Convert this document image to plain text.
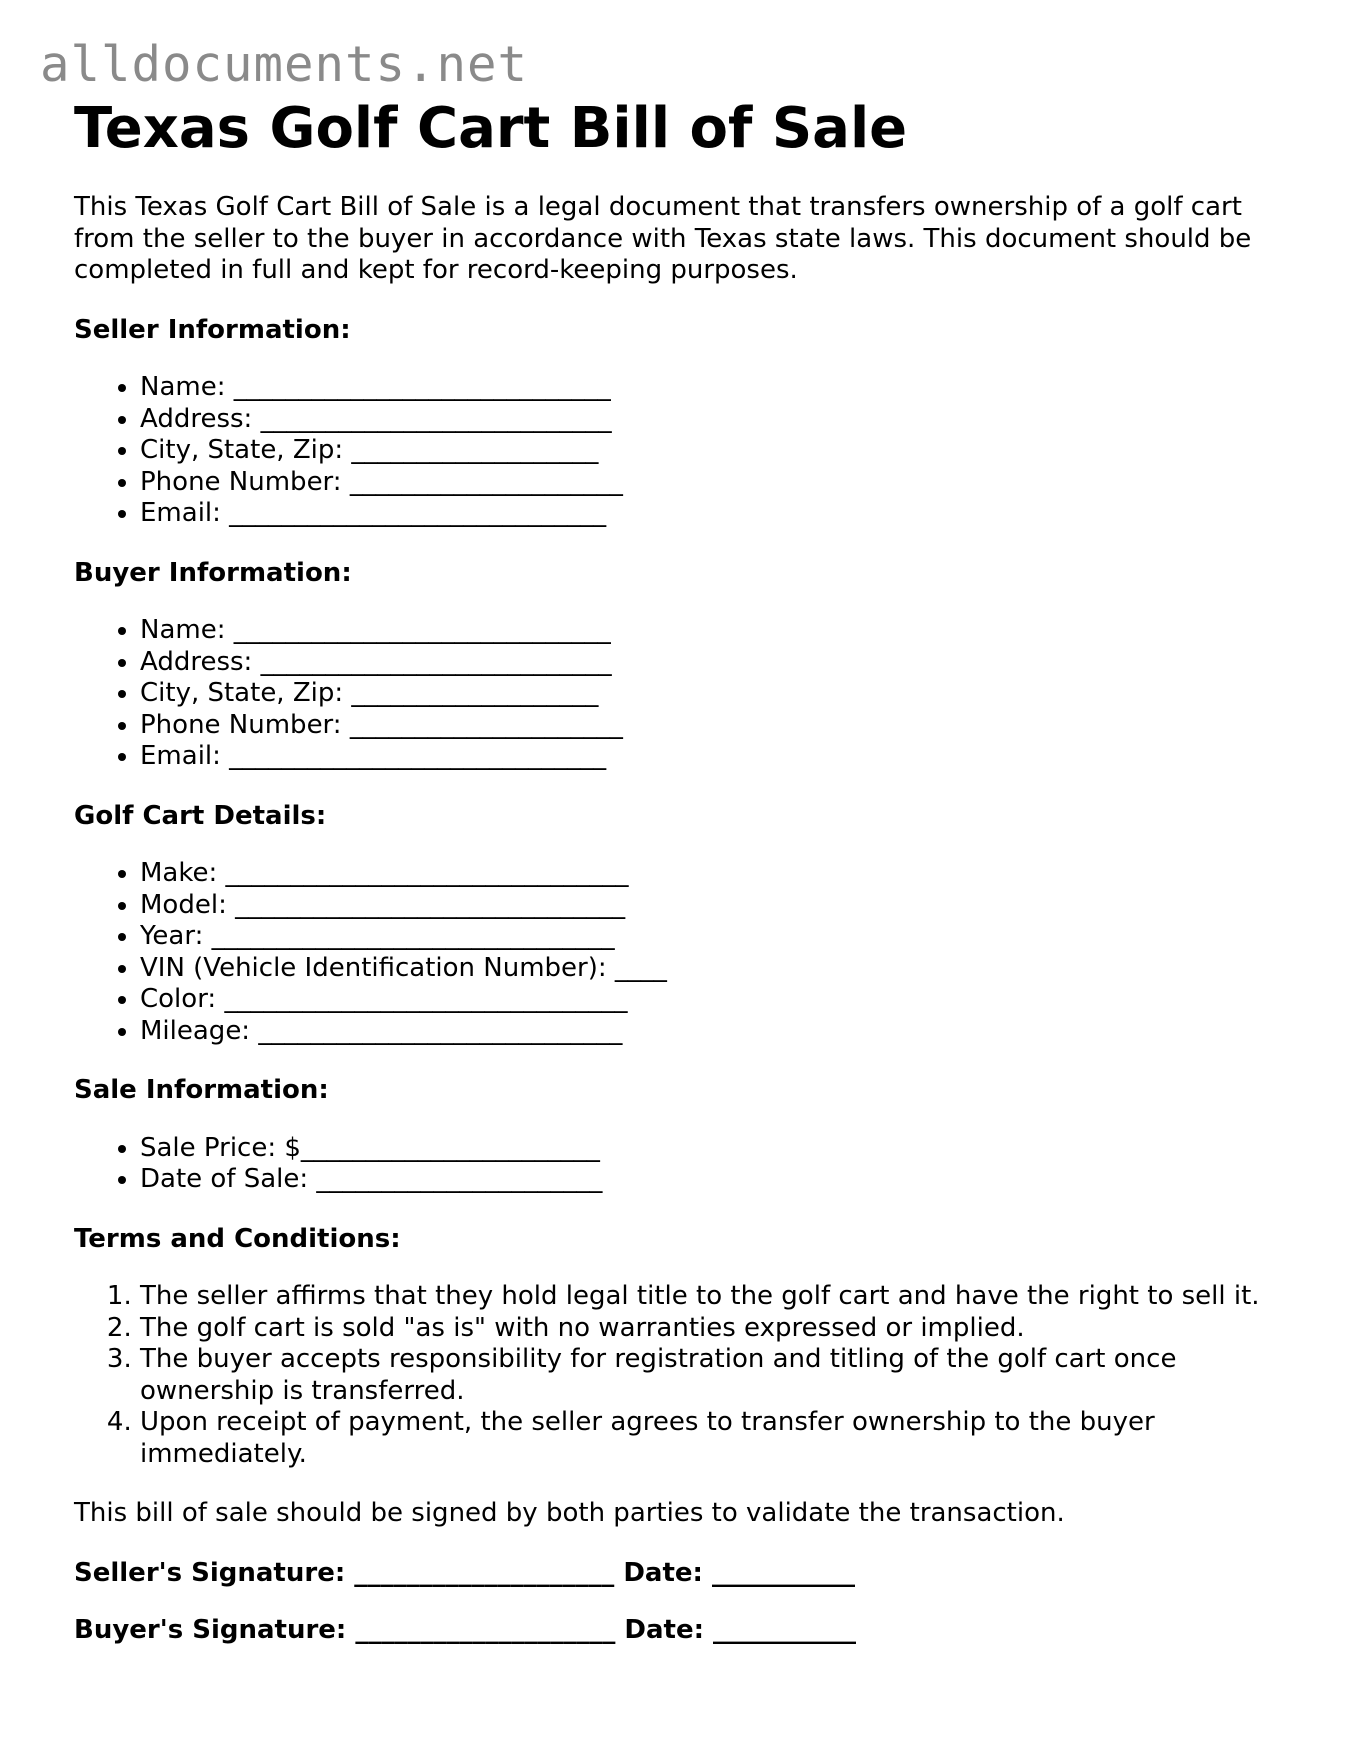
alldocuments.net
Texas Golf Cart Bill of Sale

This Texas Golf Cart Bill of Sale is a legal document that transfers ownership of a golf cart from the seller to the buyer in accordance with Texas state laws. This document should be completed in full and kept for record-keeping purposes.

Seller Information:
• Name: _____________________________
• Address: ___________________________
• City, State, Zip: ___________________
• Phone Number: _____________________
• Email: _____________________________
Buyer Information:
• Name: _____________________________
• Address: ___________________________
• City, State, Zip: ___________________
• Phone Number: _____________________
• Email: _____________________________
Golf Cart Details:
• Make: _______________________________
• Model: ______________________________
• Year: _______________________________
• VIN (Vehicle Identification Number): ____
• Color: _______________________________
• Mileage: ____________________________
Sale Information:
• Sale Price: $_______________________
• Date of Sale: ______________________
Terms and Conditions:
1. The seller affirms that they hold legal title to the golf cart and have the right to sell it.
2. The golf cart is sold "as is" with no warranties expressed or implied.
3. The buyer accepts responsibility for registration and titling of the golf cart once ownership is transferred.
4. Upon receipt of payment, the seller agrees to transfer ownership to the buyer immediately.

This bill of sale should be signed by both parties to validate the transaction.

Seller's Signature: ____________________ Date: ___________
Buyer's Signature: ____________________ Date: ___________
